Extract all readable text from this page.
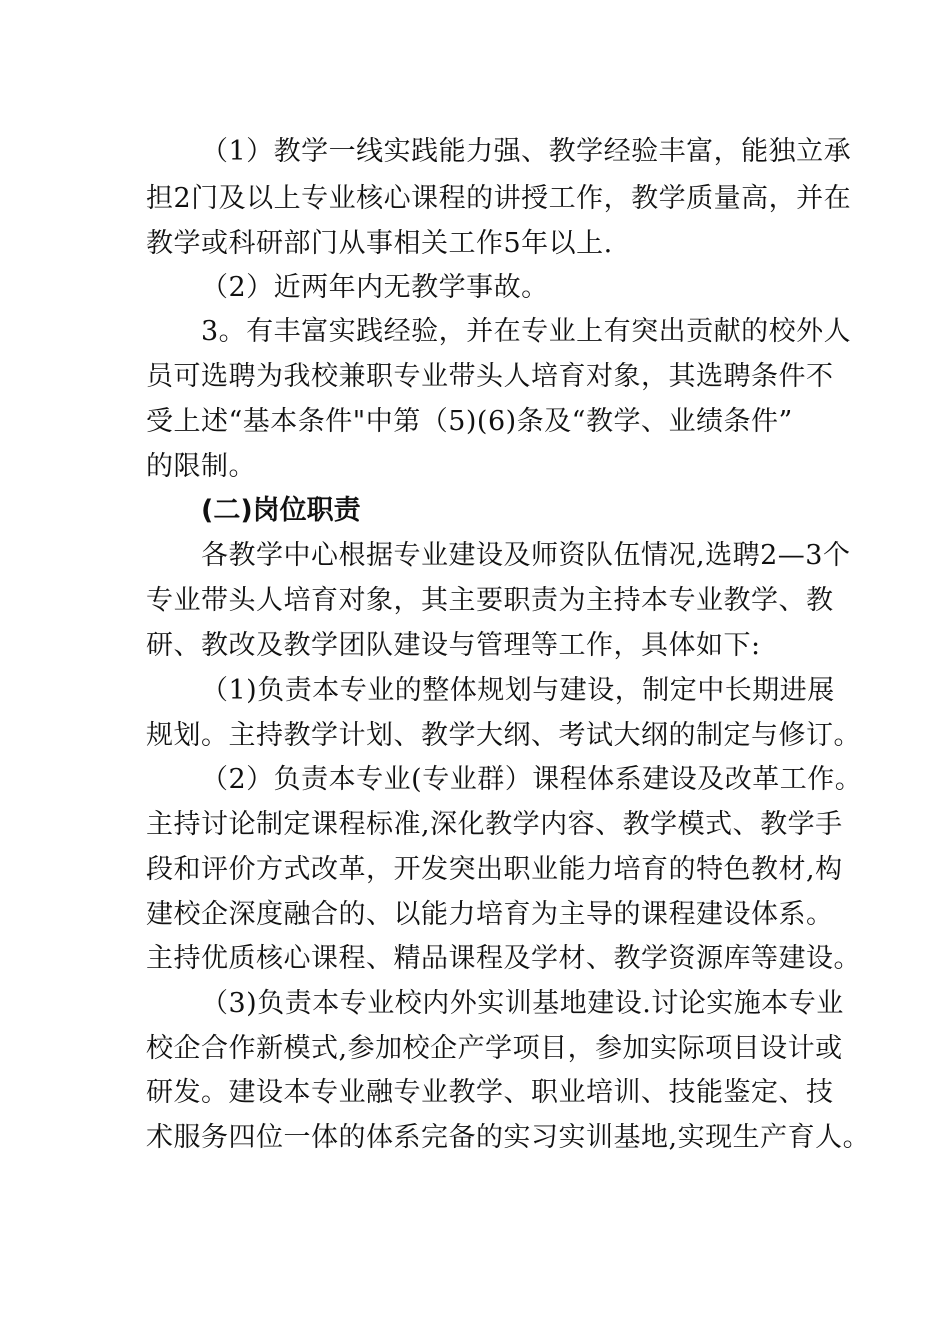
（1）教学一线实践能力强、教学经验丰富，能独立承
担2门及以上专业核心课程的讲授工作，教学质量高，并在
教学或科研部门从事相关工作5年以上.
（2）近两年内无教学事故。
3。有丰富实践经验，并在专业上有突出贡献的校外人
员可选聘为我校兼职专业带头人培育对象，其选聘条件不
受上述“基本条件"中第（5)(6)条及“教学、业绩条件”
的限制。
(二)岗位职责
各教学中心根据专业建设及师资队伍情况,选聘2—3个
专业带头人培育对象，其主要职责为主持本专业教学、教
研、教改及教学团队建设与管理等工作，具体如下:
（1)负责本专业的整体规划与建设，制定中长期进展
规划。主持教学计划、教学大纲、考试大纲的制定与修订。
（2）负责本专业(专业群）课程体系建设及改革工作。
主持讨论制定课程标准,深化教学内容、教学模式、教学手
段和评价方式改革，开发突出职业能力培育的特色教材,构
建校企深度融合的、以能力培育为主导的课程建设体系。
主持优质核心课程、精品课程及学材、教学资源库等建设。
（3)负责本专业校内外实训基地建设.讨论实施本专业
校企合作新模式,参加校企产学项目，参加实际项目设计或
研发。建设本专业融专业教学、职业培训、技能鉴定、技
术服务四位一体的体系完备的实习实训基地,实现生产育人。
